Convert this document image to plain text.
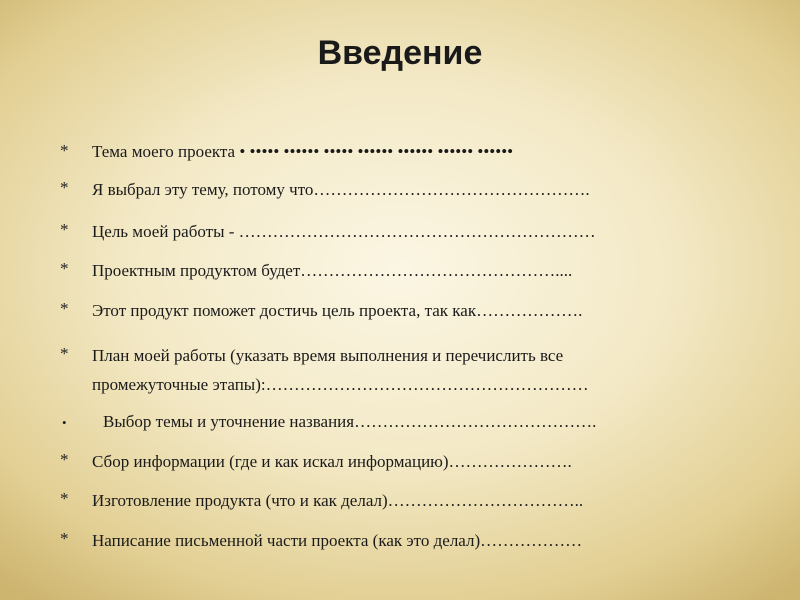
Введение
* Тема моего проекта • ••••• •••••• ••••• •••••• •••••• •••••• ••••••
* Я выбрал эту тему, потому что………………………………………….
* Цель моей работы - ………………………………………………………
* Проектным продуктом будет………………………………………....
* Этот продукт поможет достичь цель проекта, так как……………….
* План моей работы (указать время выполнения и перечислить все
промежуточные этапы):…………………………………………………
• Выбор темы и уточнение названия…………………………………….
* Сбор информации (где и как искал информацию)………………….
* Изготовление продукта (что и как делал)……………………………..
* Написание письменной части проекта (как это делал)………………
